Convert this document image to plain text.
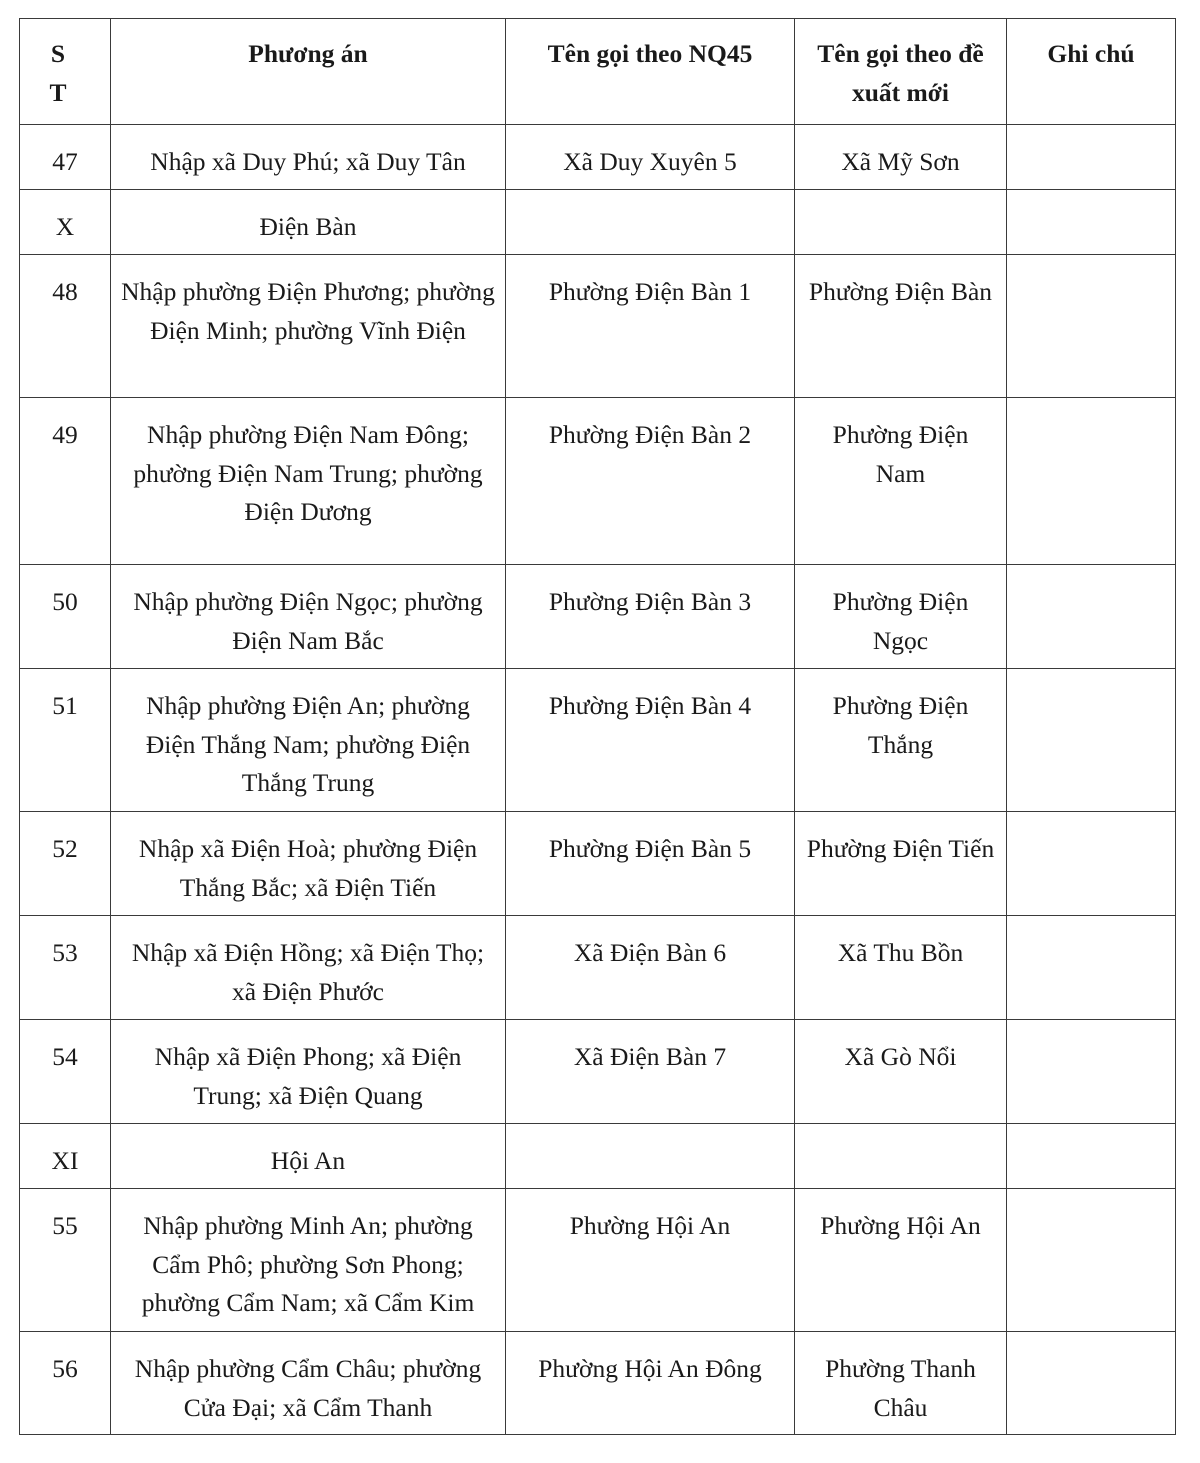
S T	Phương án	Tên gọi theo NQ45	Tên gọi theo đề xuất mới	Ghi chú
47	Nhập xã Duy Phú; xã Duy Tân	Xã Duy Xuyên 5	Xã Mỹ Sơn	
X	Điện Bàn			
48	Nhập phường Điện Phương; phường Điện Minh; phường Vĩnh Điện	Phường Điện Bàn 1	Phường Điện Bàn	
49	Nhập phường Điện Nam Đông; phường Điện Nam Trung; phường Điện Dương	Phường Điện Bàn 2	Phường Điện Nam	
50	Nhập phường Điện Ngọc; phường Điện Nam Bắc	Phường Điện Bàn 3	Phường Điện Ngọc	
51	Nhập phường Điện An; phường Điện Thắng Nam; phường Điện Thắng Trung	Phường Điện Bàn 4	Phường Điện Thắng	
52	Nhập xã Điện Hoà; phường Điện Thắng Bắc; xã Điện Tiến	Phường Điện Bàn 5	Phường Điện Tiến	
53	Nhập xã Điện Hồng; xã Điện Thọ; xã Điện Phước	Xã Điện Bàn 6	Xã Thu Bồn	
54	Nhập xã Điện Phong; xã Điện Trung; xã Điện Quang	Xã Điện Bàn 7	Xã Gò Nổi	
XI	Hội An			
55	Nhập phường Minh An; phường Cẩm Phô; phường Sơn Phong; phường Cẩm Nam; xã Cẩm Kim	Phường Hội An	Phường Hội An	
56	Nhập phường Cẩm Châu; phường Cửa Đại; xã Cẩm Thanh	Phường Hội An Đông	Phường Thanh Châu	
